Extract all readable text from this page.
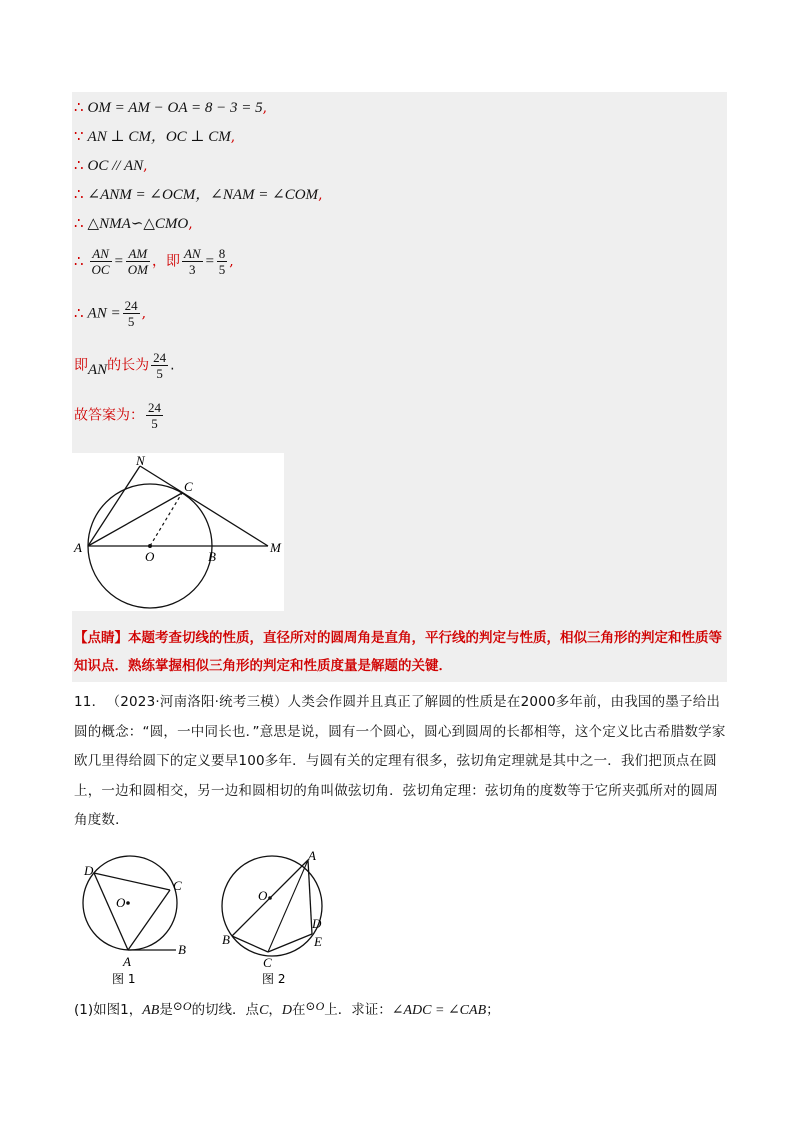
∴ OM = AM − OA = 8 − 3 = 5,
∵ AN ⊥ CM，OC ⊥ CM,
∴ OC // AN,
∴ ∠ANM = ∠OCM，∠NAM = ∠COM,
∴ △NMA∽△CMO,
∴ $\frac{AN}{OC} = \frac{AM}{OM}$ ，即 $\frac{AN}{3} = \frac{8}{5}$ ,
∴ AN = $\frac{24}{5}$ ,
即AN的长为 $\frac{24}{5}$ .
故答案为： $\frac{24}{5}$
N
C
A
O	B
M
【点睛】本题考查切线的性质，直径所对的圆周角是直角，平行线的判定与性质，相似三角形的判定和性质等知识点．熟练掌握相似三角形的判定和性质度量是解题的关键．
11． （2023·河南洛阳·统考三模）人类会作圆并且真正了解圆的性质是在2000多年前，由我国的墨子给出圆的概念：“圆，一中同长也．”意思是说，圆有一个圆心，圆心到圆周的长都相等，这个定义比古希腊数学家欧几里得给圆下的定义要早100多年．与圆有关的定理有很多，弦切角定理就是其中之一．我们把顶点在圆上，一边和圆相交，另一边和圆相切的角叫做弦切角．弦切角定理：弦切角的度数等于它所夹弧所对的圆周角度数．
D
O
C
A
B
图 1
A
O
D
B
C
E
图 2
(1)如图1，AB是⊙O的切线．点C，D在⊙O上．求证：∠ADC = ∠CAB；
